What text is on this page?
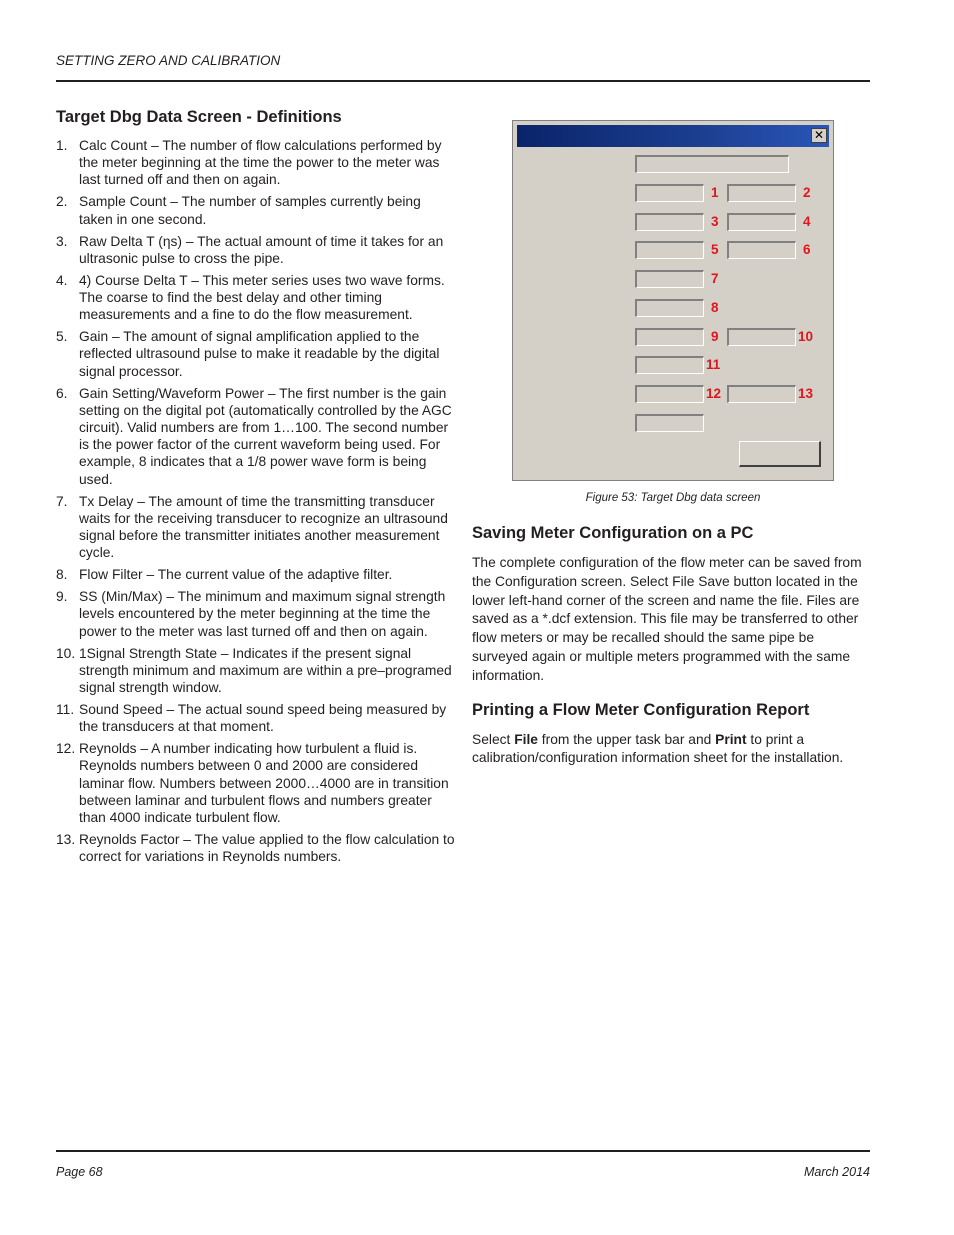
SETTING ZERO AND CALIBRATION
Target Dbg Data Screen - Definitions
1. Calc Count – The number of flow calculations performed by the meter beginning at the time the power to the meter was last turned off and then on again.
2. Sample Count – The number of samples currently being taken in one second.
3. Raw Delta T (ηs) – The actual amount of time it takes for an ultrasonic pulse to cross the pipe.
4. 4) Course Delta T – This meter series uses two wave forms. The coarse to find the best delay and other timing measurements and a fine to do the flow measurement.
5. Gain – The amount of signal amplification applied to the reflected ultrasound pulse to make it readable by the digital signal processor.
6. Gain Setting/Waveform Power – The first number is the gain setting on the digital pot (automatically controlled by the AGC circuit). Valid numbers are from 1…100. The second number is the power factor of the current waveform being used. For example, 8 indicates that a 1/8 power wave form is being used.
7. Tx Delay – The amount of time the transmitting transducer waits for the receiving transducer to recognize an ultrasound signal before the transmitter initiates another measurement cycle.
8. Flow Filter – The current value of the adaptive filter.
9. SS (Min/Max) – The minimum and maximum signal strength levels encountered by the meter beginning at the time the power to the meter was last turned off and then on again.
10. 1Signal Strength State – Indicates if the present signal strength minimum and maximum are within a pre–programed signal strength window.
11. Sound Speed – The actual sound speed being measured by the transducers at that moment.
12. Reynolds – A number indicating how turbulent a fluid is. Reynolds numbers between 0 and 2000 are considered laminar flow. Numbers between 2000…4000 are in transition between laminar and turbulent flows and numbers greater than 4000 indicate turbulent flow.
13. Reynolds Factor – The value applied to the flow calculation to correct for variations in Reynolds numbers.
✕
1	2
3	4
5	6
7
8
9	10
11
12	13
Figure 53: Target Dbg data screen
Saving Meter Configuration on a PC

The complete configuration of the flow meter can be saved from the Configuration screen. Select File Save button located in the lower left-hand corner of the screen and name the file. Files are saved as a *.dcf extension. This file may be transferred to other flow meters or may be recalled should the same pipe be surveyed again or multiple meters programmed with the same information.

Printing a Flow Meter Configuration Report

Select File from the upper task bar and Print to print a calibration/configuration information sheet for the installation.

Page 68	March 2014
